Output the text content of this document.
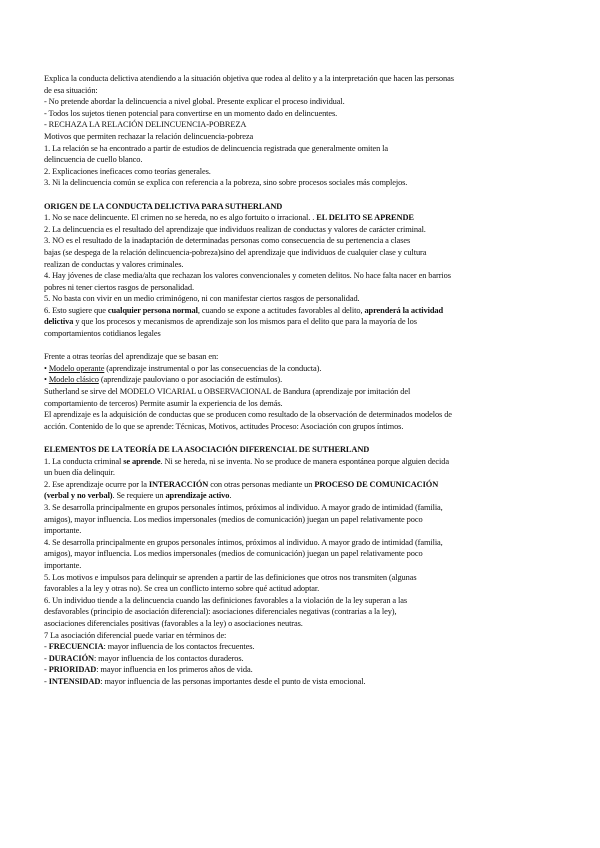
Explica la conducta delictiva atendiendo a la situación objetiva que rodea al delito y a la interpretación que hacen las personas
de esa situación:
- No pretende abordar la delincuencia a nivel global. Presente explicar el proceso individual.
- Todos los sujetos tienen potencial para convertirse en un momento dado en delincuentes.
- RECHAZA LA RELACIÓN DELINCUENCIA-POBREZA
Motivos que permiten rechazar la relación delincuencia-pobreza
1. La relación se ha encontrado a partir de estudios de delincuencia registrada que generalmente omiten la
delincuencia de cuello blanco.
2. Explicaciones ineficaces como teorías generales.
3. Ni la delincuencia común se explica con referencia a la pobreza, sino sobre procesos sociales más complejos.
ORIGEN DE LA CONDUCTA DELICTIVA PARA SUTHERLAND
1. No se nace delincuente. El crimen no se hereda, no es algo fortuito o irracional. . EL DELITO SE APRENDE
2. La delincuencia es el resultado del aprendizaje que individuos realizan de conductas y valores de carácter criminal.
3. NO es el resultado de la inadaptación de determinadas personas como consecuencia de su pertenencia a clases
bajas (se despega de la relación delincuencia-pobreza)sino del aprendizaje que individuos de cualquier clase y cultura
realizan de conductas y valores criminales.
4. Hay jóvenes de clase media/alta que rechazan los valores convencionales y cometen delitos. No hace falta nacer en barrios
pobres ni tener ciertos rasgos de personalidad.
5. No basta con vivir en un medio criminógeno, ni con manifestar ciertos rasgos de personalidad.
6. Esto sugiere que cualquier persona normal, cuando se expone a actitudes favorables al delito, aprenderá la actividad
delictiva y que los procesos y mecanismos de aprendizaje son los mismos para el delito que para la mayoría de los
comportamientos cotidianos legales
Frente a otras teorías del aprendizaje que se basan en:
• Modelo operante (aprendizaje instrumental o por las consecuencias de la conducta).
• Modelo clásico (aprendizaje pauloviano o por asociación de estímulos).
Sutherland se sirve del MODELO VICARIAL u OBSERVACIONAL de Bandura (aprendizaje por imitación del
comportamiento de terceros) Permite asumir la experiencia de los demás.
El aprendizaje es la adquisición de conductas que se producen como resultado de la observación de determinados modelos de
acción. Contenido de lo que se aprende: Técnicas, Motivos, actitudes Proceso: Asociación con grupos íntimos.
ELEMENTOS DE LA TEORÍA DE LA ASOCIACIÓN DIFERENCIAL DE SUTHERLAND
1. La conducta criminal se aprende. Ni se hereda, ni se inventa. No se produce de manera espontánea porque alguien decida
un buen día delinquir.
2. Ese aprendizaje ocurre por la INTERACCIÓN con otras personas mediante un PROCESO DE COMUNICACIÓN
(verbal y no verbal). Se requiere un aprendizaje activo.
3. Se desarrolla principalmente en grupos personales íntimos, próximos al individuo. A mayor grado de intimidad (familia,
amigos), mayor influencia. Los medios impersonales (medios de comunicación) juegan un papel relativamente poco
importante.
4. Se desarrolla principalmente en grupos personales íntimos, próximos al individuo. A mayor grado de intimidad (familia,
amigos), mayor influencia. Los medios impersonales (medios de comunicación) juegan un papel relativamente poco
importante.
5. Los motivos e impulsos para delinquir se aprenden a partir de las definiciones que otros nos transmiten (algunas
favorables a la ley y otras no). Se crea un conflicto interno sobre qué actitud adoptar.
6. Un individuo tiende a la delincuencia cuando las definiciones favorables a la violación de la ley superan a las
desfavorables (principio de asociación diferencial): asociaciones diferenciales negativas (contrarias a la ley),
asociaciones diferenciales positivas (favorables a la ley) o asociaciones neutras.
7 La asociación diferencial puede variar en términos de:
- FRECUENCIA: mayor influencia de los contactos frecuentes.
- DURACIÓN: mayor influencia de los contactos duraderos.
- PRIORIDAD: mayor influencia en los primeros años de vida.
- INTENSIDAD: mayor influencia de las personas importantes desde el punto de vista emocional.
